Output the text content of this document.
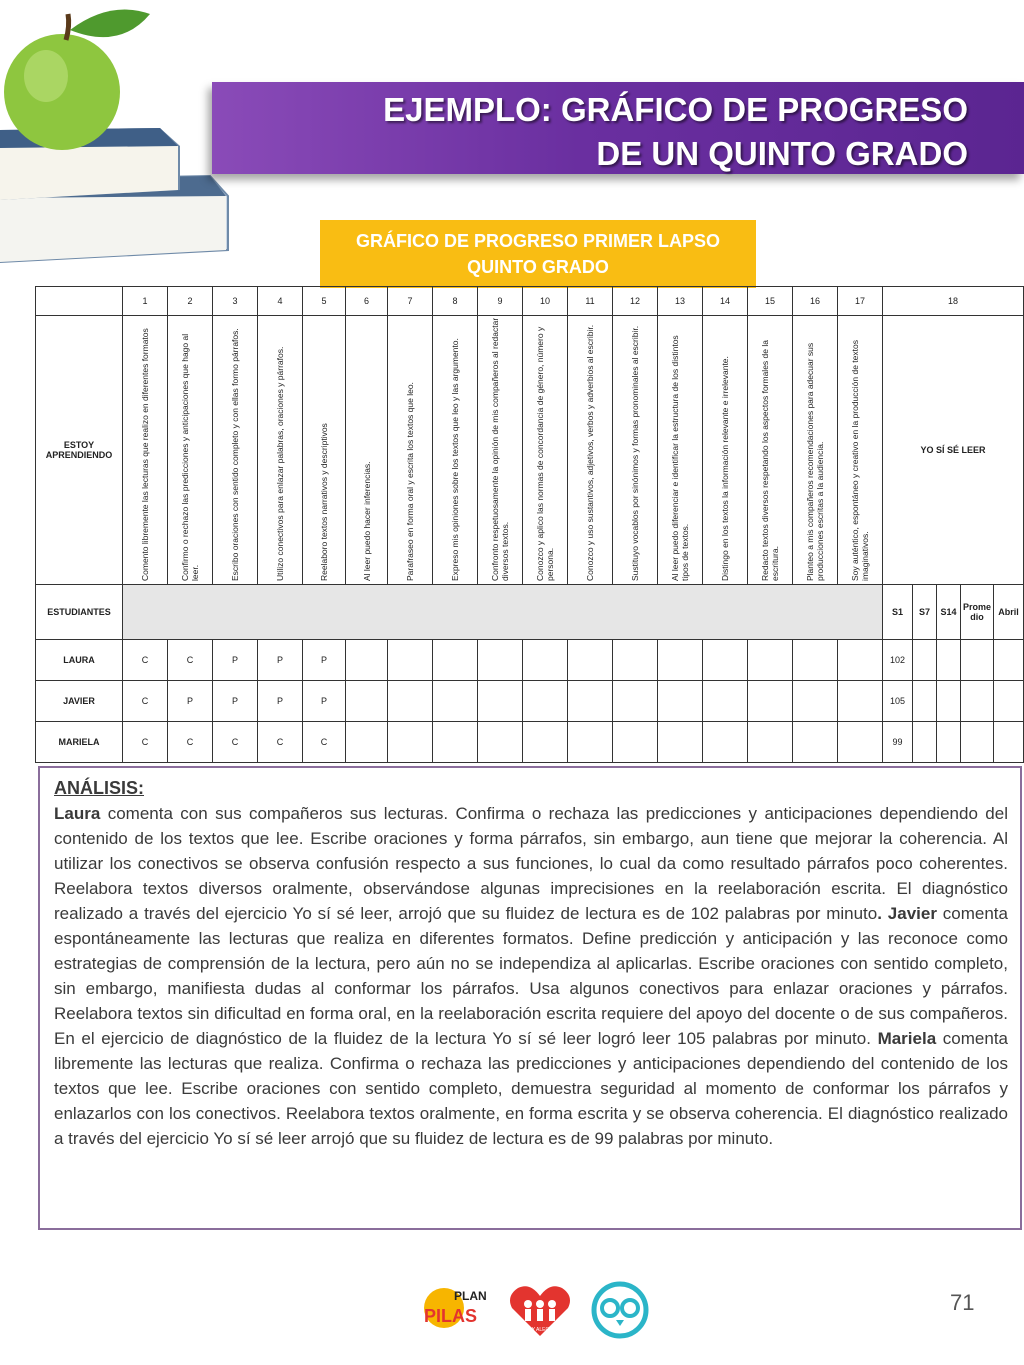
EJEMPLO: GRÁFICO DE PROGRESO
DE UN QUINTO GRADO
GRÁFICO DE PROGRESO PRIMER LAPSO
QUINTO GRADO
	1	2	3	4	5	6	7	8	9	10	11	12	13	14	15	16	17	18				
ESTOY APRENDIENDO	Comento libremente las lecturas que realizo en diferentes formatos	Confirmo o rechazo las predicciones y anticipaciones que hago al leer.	Escribo oraciones con sentido completo y con ellas formo párrafos.	Utilizo conectivos para enlazar palabras, oraciones y párrafos.	Reelaboro textos narrativos y descriptivos	Al leer puedo hacer inferencias.	Parafraseo en forma oral y escrita los textos que leo.	Expreso mis opiniones sobre los textos que leo y las argumento.	Confronto respetuosamente la opinión de mis compañeros al redactar diversos textos.	Conozco y aplico las normas de concordancia de género, número y persona.	Conozco y uso sustantivos, adjetivos, verbos y adverbios al escribir.	Sustituyo vocablos por sinónimos y formas pronominales al escribir.	Al leer puedo diferenciar e identificar la estructura de los distintos tipos de textos.	Distingo en los textos la información relevante e irrelevante.	Redacto textos diversos respetando los aspectos formales de la escritura.	Planteo a mis compañeros recomendaciones para adecuar sus producciones escritas a la audiencia.	Soy auténtico, espontáneo y creativo en la producción de textos imaginativos.	YO SÍ SÉ LEER				
ESTUDIANTES																		S1	S7	S14	Prome dio	Abril
LAURA	C	C	P	P	P													102				
JAVIER	C	P	P	P	P													105				
MARIELA	C	C	C	C	C													99				
ANÁLISIS:

Laura comenta con sus compañeros sus lecturas. Confirma o rechaza las predicciones y anticipaciones dependiendo del contenido de los textos que lee. Escribe oraciones y forma párrafos, sin embargo, aun tiene que mejorar la coherencia. Al utilizar los conectivos se observa confusión respecto a sus funciones, lo cual da como resultado párrafos poco coherentes. Reelabora textos diversos oralmente, observándose algunas imprecisiones en la reelaboración escrita. El diagnóstico realizado a través del ejercicio Yo sí sé leer, arrojó que su fluidez de lectura es de 102 palabras por minuto. Javier comenta espontáneamente las lecturas que realiza en diferentes formatos. Define predicción y anticipación y las reconoce como estrategias de comprensión de la lectura, pero aún no se independiza al aplicarlas. Escribe oraciones con sentido completo, sin embargo, manifiesta dudas al conformar los párrafos. Usa algunos conectivos para enlazar oraciones y párrafos. Reelabora textos sin dificultad en forma oral, en la reelaboración escrita requiere del apoyo del docente o de sus compañeros. En el ejercicio de diagnóstico de la fluidez de la lectura Yo sí sé leer logró leer 105 palabras por minuto. Mariela comenta libremente las lecturas que realiza. Confirma o rechaza las predicciones y anticipaciones dependiendo del contenido de los textos que lee. Escribe oraciones con sentido completo, demuestra seguridad al momento de conformar los párrafos y enlazarlos con los conectivos. Reelabora textos oralmente, en forma escrita y se observa coherencia. El diagnóstico realizado a través del ejercicio Yo sí sé leer arrojó que su fluidez de lectura es de 99 palabras por minuto.

PLAN
PILAS
FE Y ALEGRIA
71
